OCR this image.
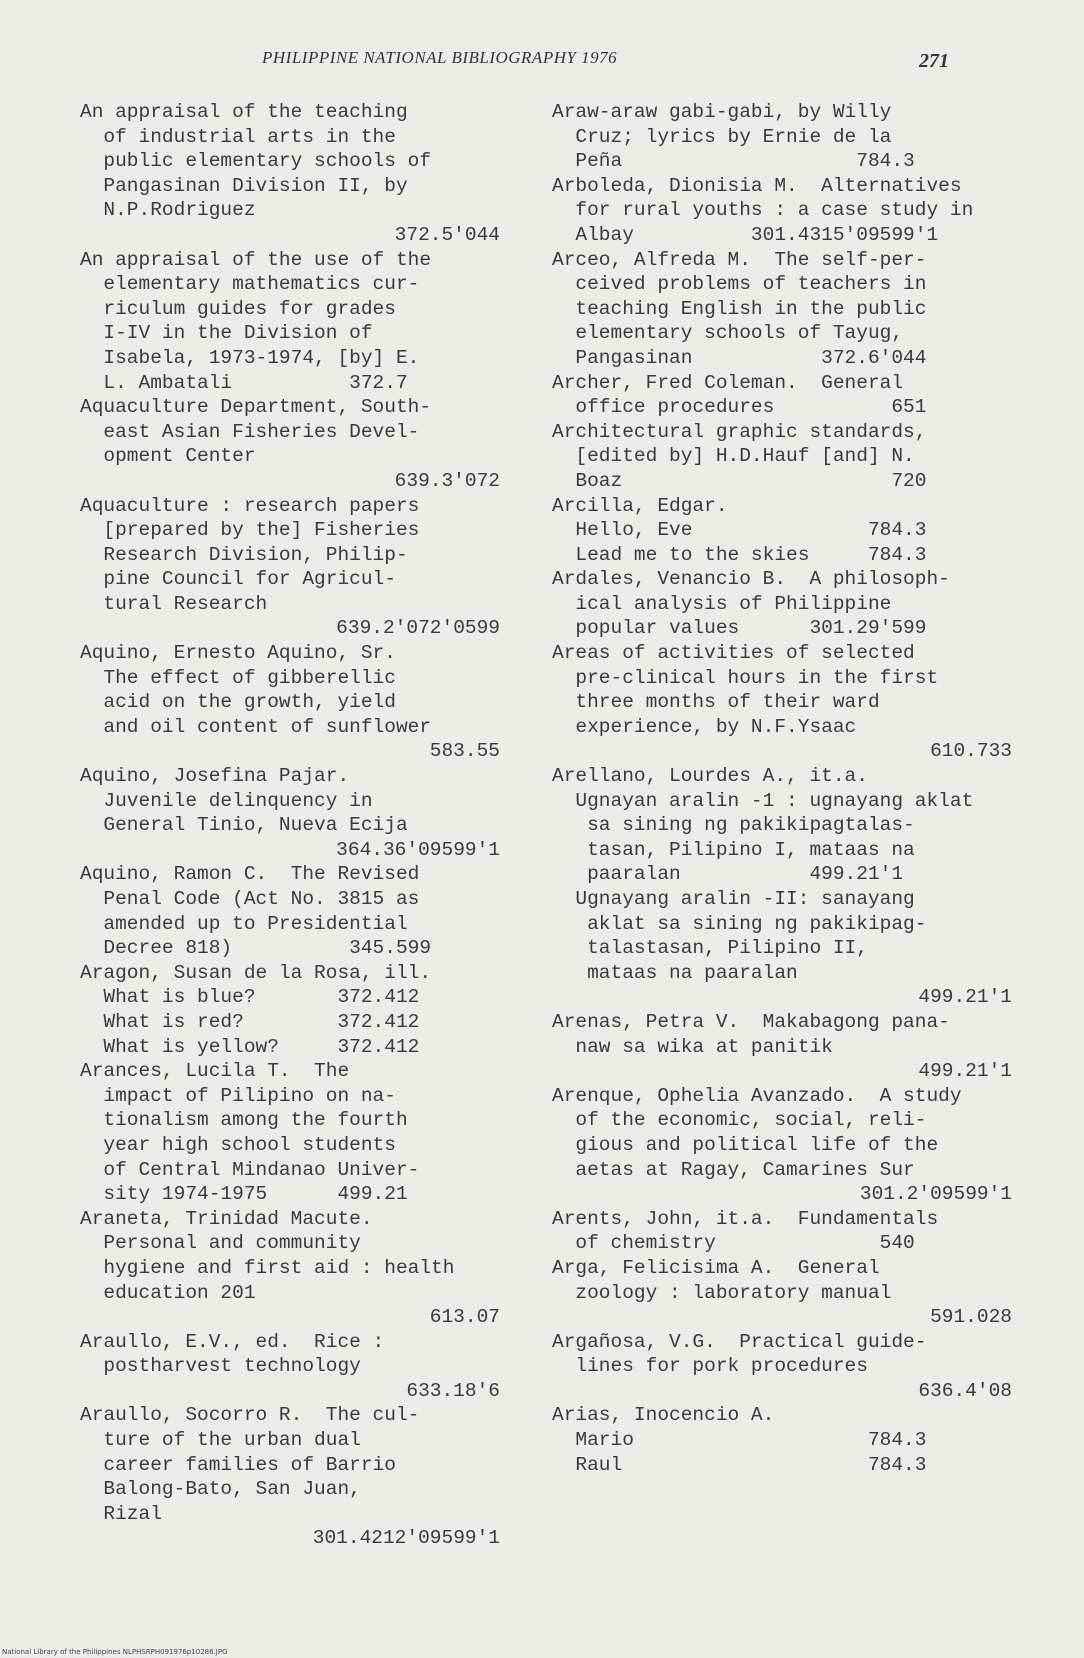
PHILIPPINE NATIONAL BIBLIOGRAPHY 1976	271
An appraisal of the teaching
of industrial arts in the
public elementary schools of
Pangasinan Division II, by
N.P.Rodriguez
372.5'044
An appraisal of the use of the
elementary mathematics cur-
riculum guides for grades
I-IV in the Division of
Isabela, 1973-1974, [by] E.
L. Ambatali          372.7
Aquaculture Department, South-
east Asian Fisheries Devel-
opment Center
639.3'072
Aquaculture : research papers
[prepared by the] Fisheries
Research Division, Philip-
pine Council for Agricul-
tural Research
639.2'072'0599
Aquino, Ernesto Aquino, Sr.
The effect of gibberellic
acid on the growth, yield
and oil content of sunflower
583.55
Aquino, Josefina Pajar.
Juvenile delinquency in
General Tinio, Nueva Ecija
364.36'09599'1
Aquino, Ramon C.  The Revised
Penal Code (Act No. 3815 as
amended up to Presidential
Decree 818)          345.599
Aragon, Susan de la Rosa, ill.
What is blue?       372.412
What is red?        372.412
What is yellow?     372.412
Arances, Lucila T.  The
impact of Pilipino on na-
tionalism among the fourth
year high school students
of Central Mindanao Univer-
sity 1974-1975      499.21
Araneta, Trinidad Macute.
Personal and community
hygiene and first aid : health
education 201
613.07
Araullo, E.V., ed.  Rice :
postharvest technology
633.18'6
Araullo, Socorro R.  The cul-
ture of the urban dual
career families of Barrio
Balong-Bato, San Juan,
Rizal
301.4212'09599'1
Araw-araw gabi-gabi, by Willy
Cruz; lyrics by Ernie de la
Peña                    784.3
Arboleda, Dionisia M.  Alternatives
for rural youths : a case study in
Albay          301.4315'09599'1
Arceo, Alfreda M.  The self-per-
ceived problems of teachers in
teaching English in the public
elementary schools of Tayug,
Pangasinan           372.6'044
Archer, Fred Coleman.  General
office procedures          651
Architectural graphic standards,
[edited by] H.D.Hauf [and] N.
Boaz                       720
Arcilla, Edgar.
Hello, Eve               784.3
Lead me to the skies     784.3
Ardales, Venancio B.  A philosoph-
ical analysis of Philippine
popular values      301.29'599
Areas of activities of selected
pre-clinical hours in the first
three months of their ward
experience, by N.F.Ysaac
610.733
Arellano, Lourdes A., it.a.
Ugnayan aralin -1 : ugnayang aklat
sa sining ng pakikipagtalas-
tasan, Pilipino I, mataas na
paaralan           499.21'1
Ugnayang aralin -II: sanayang
aklat sa sining ng pakikipag-
talastasan, Pilipino II,
mataas na paaralan
499.21'1
Arenas, Petra V.  Makabagong pana-
naw sa wika at panitik
499.21'1
Arenque, Ophelia Avanzado.  A study
of the economic, social, reli-
gious and political life of the
aetas at Ragay, Camarines Sur
301.2'09599'1
Arents, John, it.a.  Fundamentals
of chemistry              540
Arga, Felicisima A.  General
zoology : laboratory manual
591.028
Argañosa, V.G.  Practical guide-
lines for pork procedures
636.4'08
Arias, Inocencio A.
Mario                    784.3
Raul                     784.3
National Library of the Philippines NLPHSRPH091976p10286.JPG
